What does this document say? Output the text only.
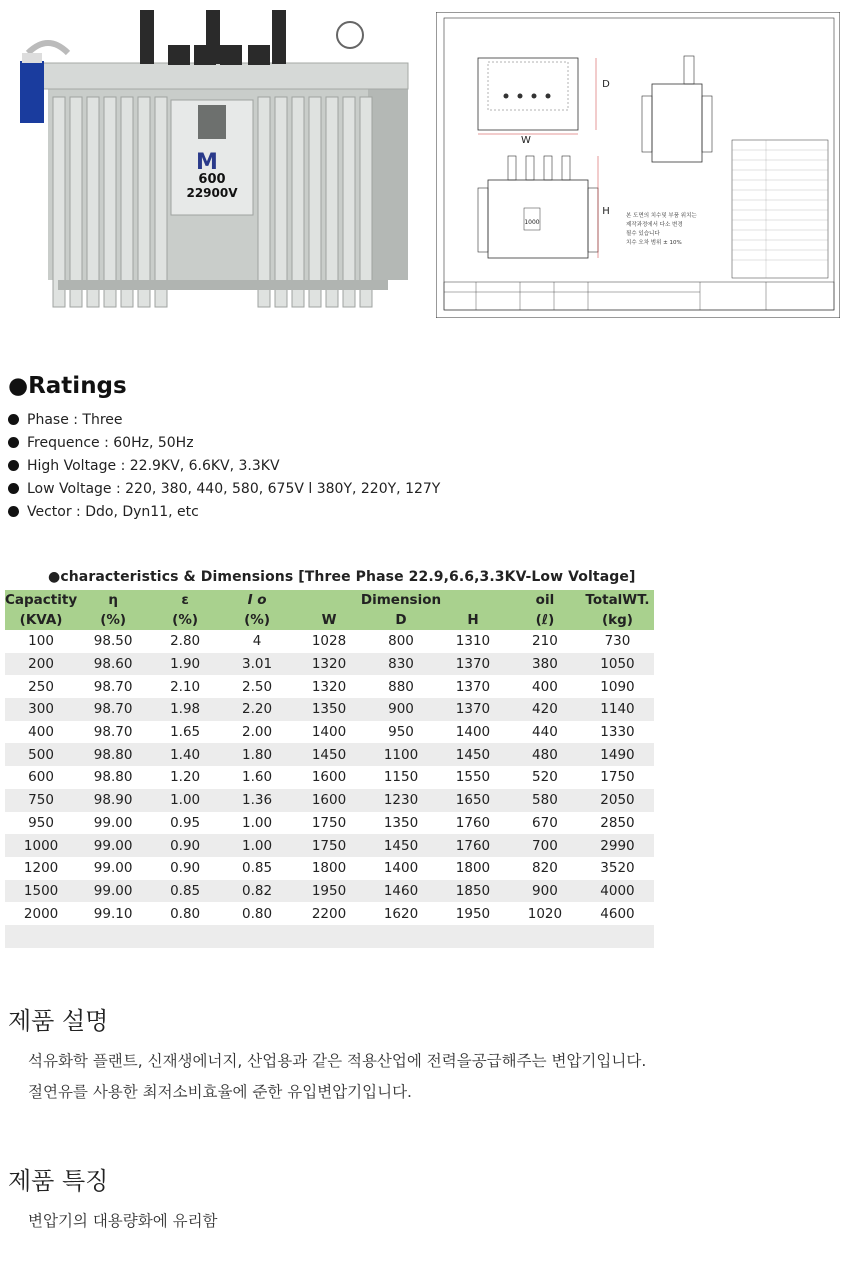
M
600
22900V
W
D
1000
H	본 도면의 치수및 부품 위치는
제작과정에서 다소 변경
될수 있습니다
치수 오차 범위 ± 10%
●Ratings
Phase : Three
Frequence : 60Hz, 50Hz
High Voltage : 22.9KV, 6.6KV, 3.3KV
Low Voltage : 220, 380, 440, 580, 675V l 380Y, 220Y, 127Y
Vector : Ddo, Dyn11, etc
●characteristics & Dimensions [Three Phase 22.9,6.6,3.3KV-Low Voltage]
Capactity	η	ε	I o	Dimension			oil	TotalWT.
(KVA)	(%)	(%)	(%)	W	D	H	(ℓ)	(kg)
100	98.50	2.80	4	1028	800	1310	210	730
200	98.60	1.90	3.01	1320	830	1370	380	1050
250	98.70	2.10	2.50	1320	880	1370	400	1090
300	98.70	1.98	2.20	1350	900	1370	420	1140
400	98.70	1.65	2.00	1400	950	1400	440	1330
500	98.80	1.40	1.80	1450	1100	1450	480	1490
600	98.80	1.20	1.60	1600	1150	1550	520	1750
750	98.90	1.00	1.36	1600	1230	1650	580	2050
950	99.00	0.95	1.00	1750	1350	1760	670	2850
1000	99.00	0.90	1.00	1750	1450	1760	700	2990
1200	99.00	0.90	0.85	1800	1400	1800	820	3520
1500	99.00	0.85	0.82	1950	1460	1850	900	4000
2000	99.10	0.80	0.80	2200	1620	1950	1020	4600

제품 설명
석유화학 플랜트, 신재생에너지, 산업용과 같은 적용산업에 전력을공급해주는 변압기입니다.
절연유를 사용한 최저소비효율에 준한 유입변압기입니다.
제품 특징
변압기의 대용량화에 유리함
